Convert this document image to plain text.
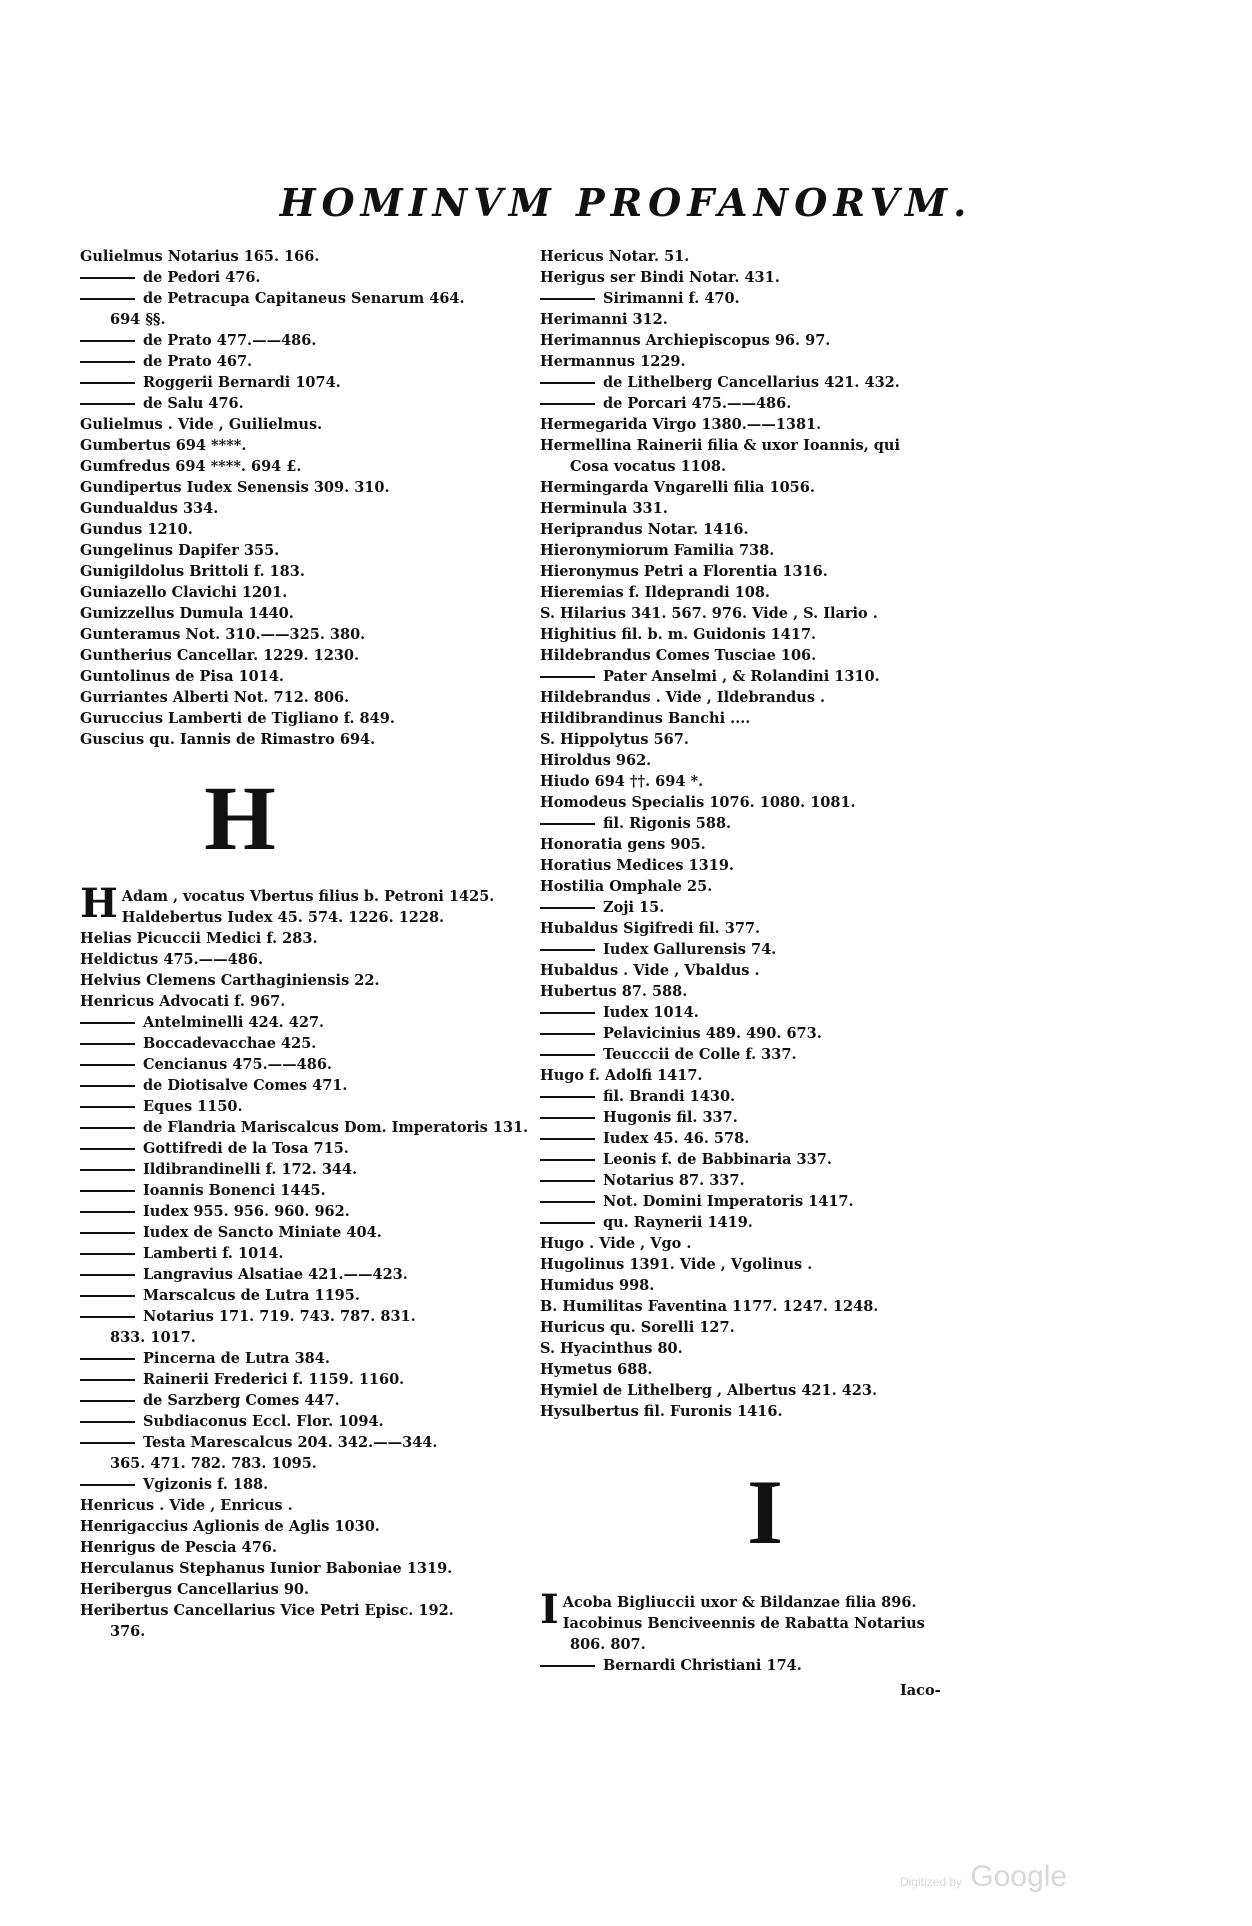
HOMINVM PROFANORVM.
Gulielmus Notarius 165. 166.
de Pedori 476.
de Petracupa Capitaneus Senarum 464.
694 §§.
de Prato 477.——486.
de Prato 467.
Roggerii Bernardi 1074.
de Salu 476.
Gulielmus . Vide , Guilielmus.
Gumbertus 694 ****.
Gumfredus 694 ****. 694 £.
Gundipertus Iudex Senensis 309. 310.
Gundualdus 334.
Gundus 1210.
Gungelinus Dapifer 355.
Gunigildolus Brittoli f. 183.
Guniazello Clavichi 1201.
Gunizzellus Dumula 1440.
Gunteramus Not. 310.——325. 380.
Guntherius Cancellar. 1229. 1230.
Guntolinus de Pisa 1014.
Gurriantes Alberti Not. 712. 806.
Guruccius Lamberti de Tigliano f. 849.
Guscius qu. Iannis de Rimastro 694.
H
H Adam , vocatus Vbertus filius b. Petroni 1425.
Haldebertus Iudex 45. 574. 1226. 1228.
Helias Picuccii Medici f. 283.
Heldictus 475.——486.
Helvius Clemens Carthaginiensis 22.
Henricus Advocati f. 967.
Antelminelli 424. 427.
Boccadevacchae 425.
Cencianus 475.——486.
de Diotisalve Comes 471.
Eques 1150.
de Flandria Mariscalcus Dom. Imperatoris 131.
Gottifredi de la Tosa 715.
Ildibrandinelli f. 172. 344.
Ioannis Bonenci 1445.
Iudex 955. 956. 960. 962.
Iudex de Sancto Miniate 404.
Lamberti f. 1014.
Langravius Alsatiae 421.——423.
Marscalcus de Lutra 1195.
Notarius 171. 719. 743. 787. 831.
833. 1017.
Pincerna de Lutra 384.
Rainerii Frederici f. 1159. 1160.
de Sarzberg Comes 447.
Subdiaconus Eccl. Flor. 1094.
Testa Marescalcus 204. 342.——344.
365. 471. 782. 783. 1095.
Vgizonis f. 188.
Henricus . Vide , Enricus .
Henrigaccius Aglionis de Aglis 1030.
Henrigus de Pescia 476.
Herculanus Stephanus Iunior Baboniae 1319.
Heribergus Cancellarius 90.
Heribertus Cancellarius Vice Petri Episc. 192.
376.
Hericus Notar. 51.
Herigus ser Bindi Notar. 431.
Sirimanni f. 470.
Herimanni 312.
Herimannus Archiepiscopus 96. 97.
Hermannus 1229.
de Lithelberg Cancellarius 421. 432.
de Porcari 475.——486.
Hermegarida Virgo 1380.——1381.
Hermellina Rainerii filia & uxor Ioannis, qui
Cosa vocatus 1108.
Hermingarda Vngarelli filia 1056.
Herminula 331.
Heriprandus Notar. 1416.
Hieronymiorum Familia 738.
Hieronymus Petri a Florentia 1316.
Hieremias f. Ildeprandi 108.
S. Hilarius 341. 567. 976. Vide , S. Ilario .
Highitius fil. b. m. Guidonis 1417.
Hildebrandus Comes Tusciae 106.
Pater Anselmi , & Rolandini 1310.
Hildebrandus . Vide , Ildebrandus .
Hildibrandinus Banchi ....
S. Hippolytus 567.
Hiroldus 962.
Hiudo 694 ††. 694 *.
Homodeus Specialis 1076. 1080. 1081.
fil. Rigonis 588.
Honoratia gens 905.
Horatius Medices 1319.
Hostilia Omphale 25.
Zoji 15.
Hubaldus Sigifredi fil. 377.
Iudex Gallurensis 74.
Hubaldus . Vide , Vbaldus .
Hubertus 87. 588.
Iudex 1014.
Pelavicinius 489. 490. 673.
Teucccii de Colle f. 337.
Hugo f. Adolfi 1417.
fil. Brandi 1430.
Hugonis fil. 337.
Iudex 45. 46. 578.
Leonis f. de Babbinaria 337.
Notarius 87. 337.
Not. Domini Imperatoris 1417.
qu. Raynerii 1419.
Hugo . Vide , Vgo .
Hugolinus 1391. Vide , Vgolinus .
Humidus 998.
B. Humilitas Faventina 1177. 1247. 1248.
Huricus qu. Sorelli 127.
S. Hyacinthus 80.
Hymetus 688.
Hymiel de Lithelberg , Albertus 421. 423.
Hysulbertus fil. Furonis 1416.
I
I Acoba Bigliuccii uxor & Bildanzae filia 896.
Iacobinus Benciveennis de Rabatta Notarius
806. 807.
Bernardi Christiani 174.
Iaco-
Digitized by Google
